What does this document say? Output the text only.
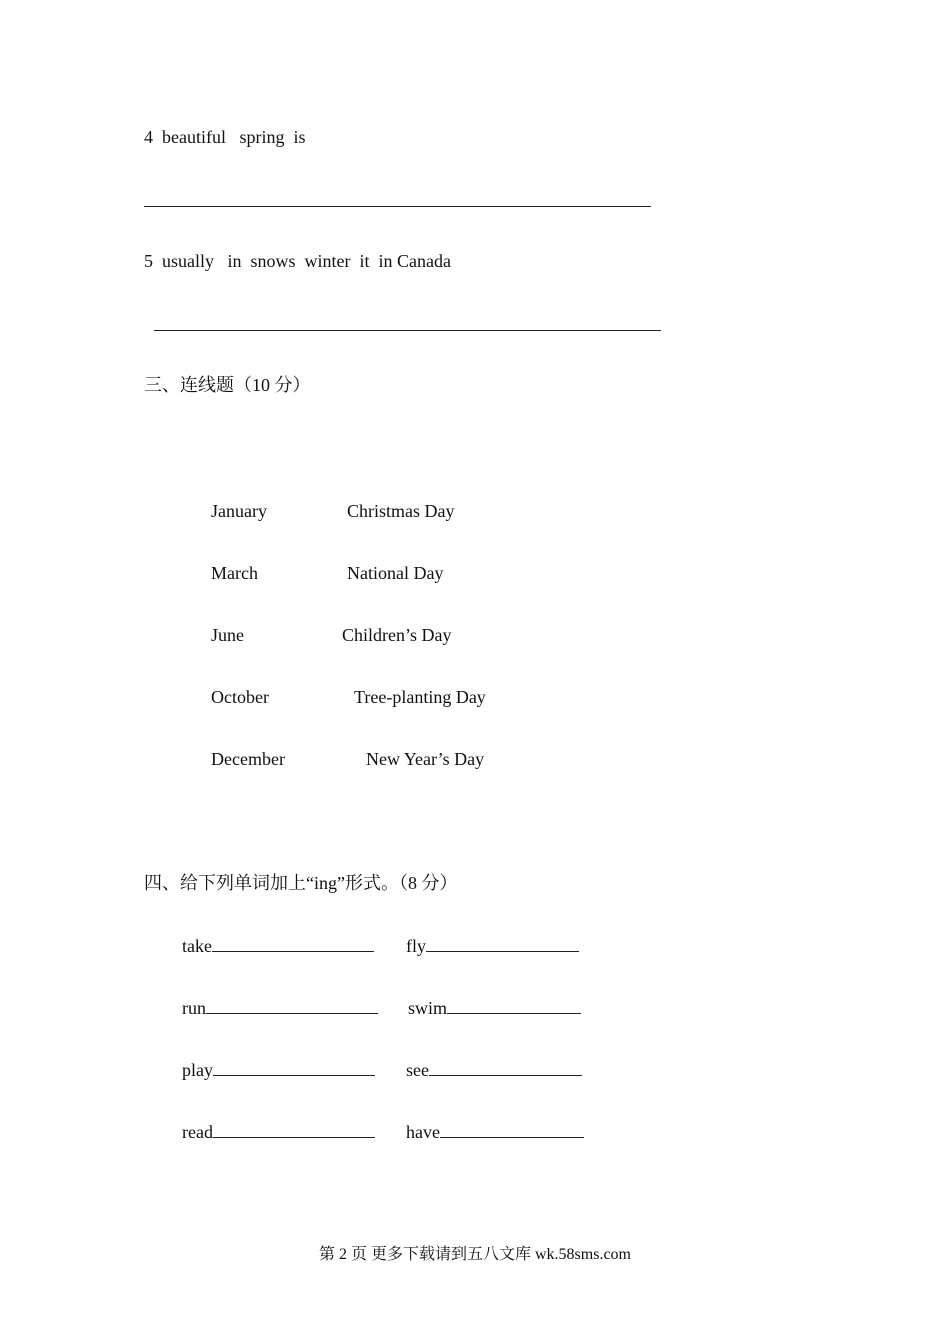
4  beautiful   spring  is
5  usually   in  snows  winter  it  in Canada
三、连线题（10 分）
January	Christmas Day
March	National Day
June	Children’s Day
October	Tree-planting Day
December	New Year’s Day
四、给下列单词加上“ing”形式。（8 分）
take	fly
run	swim
play	see
read	have
第 2 页 更多下载请到五八文库 wk.58sms.com
